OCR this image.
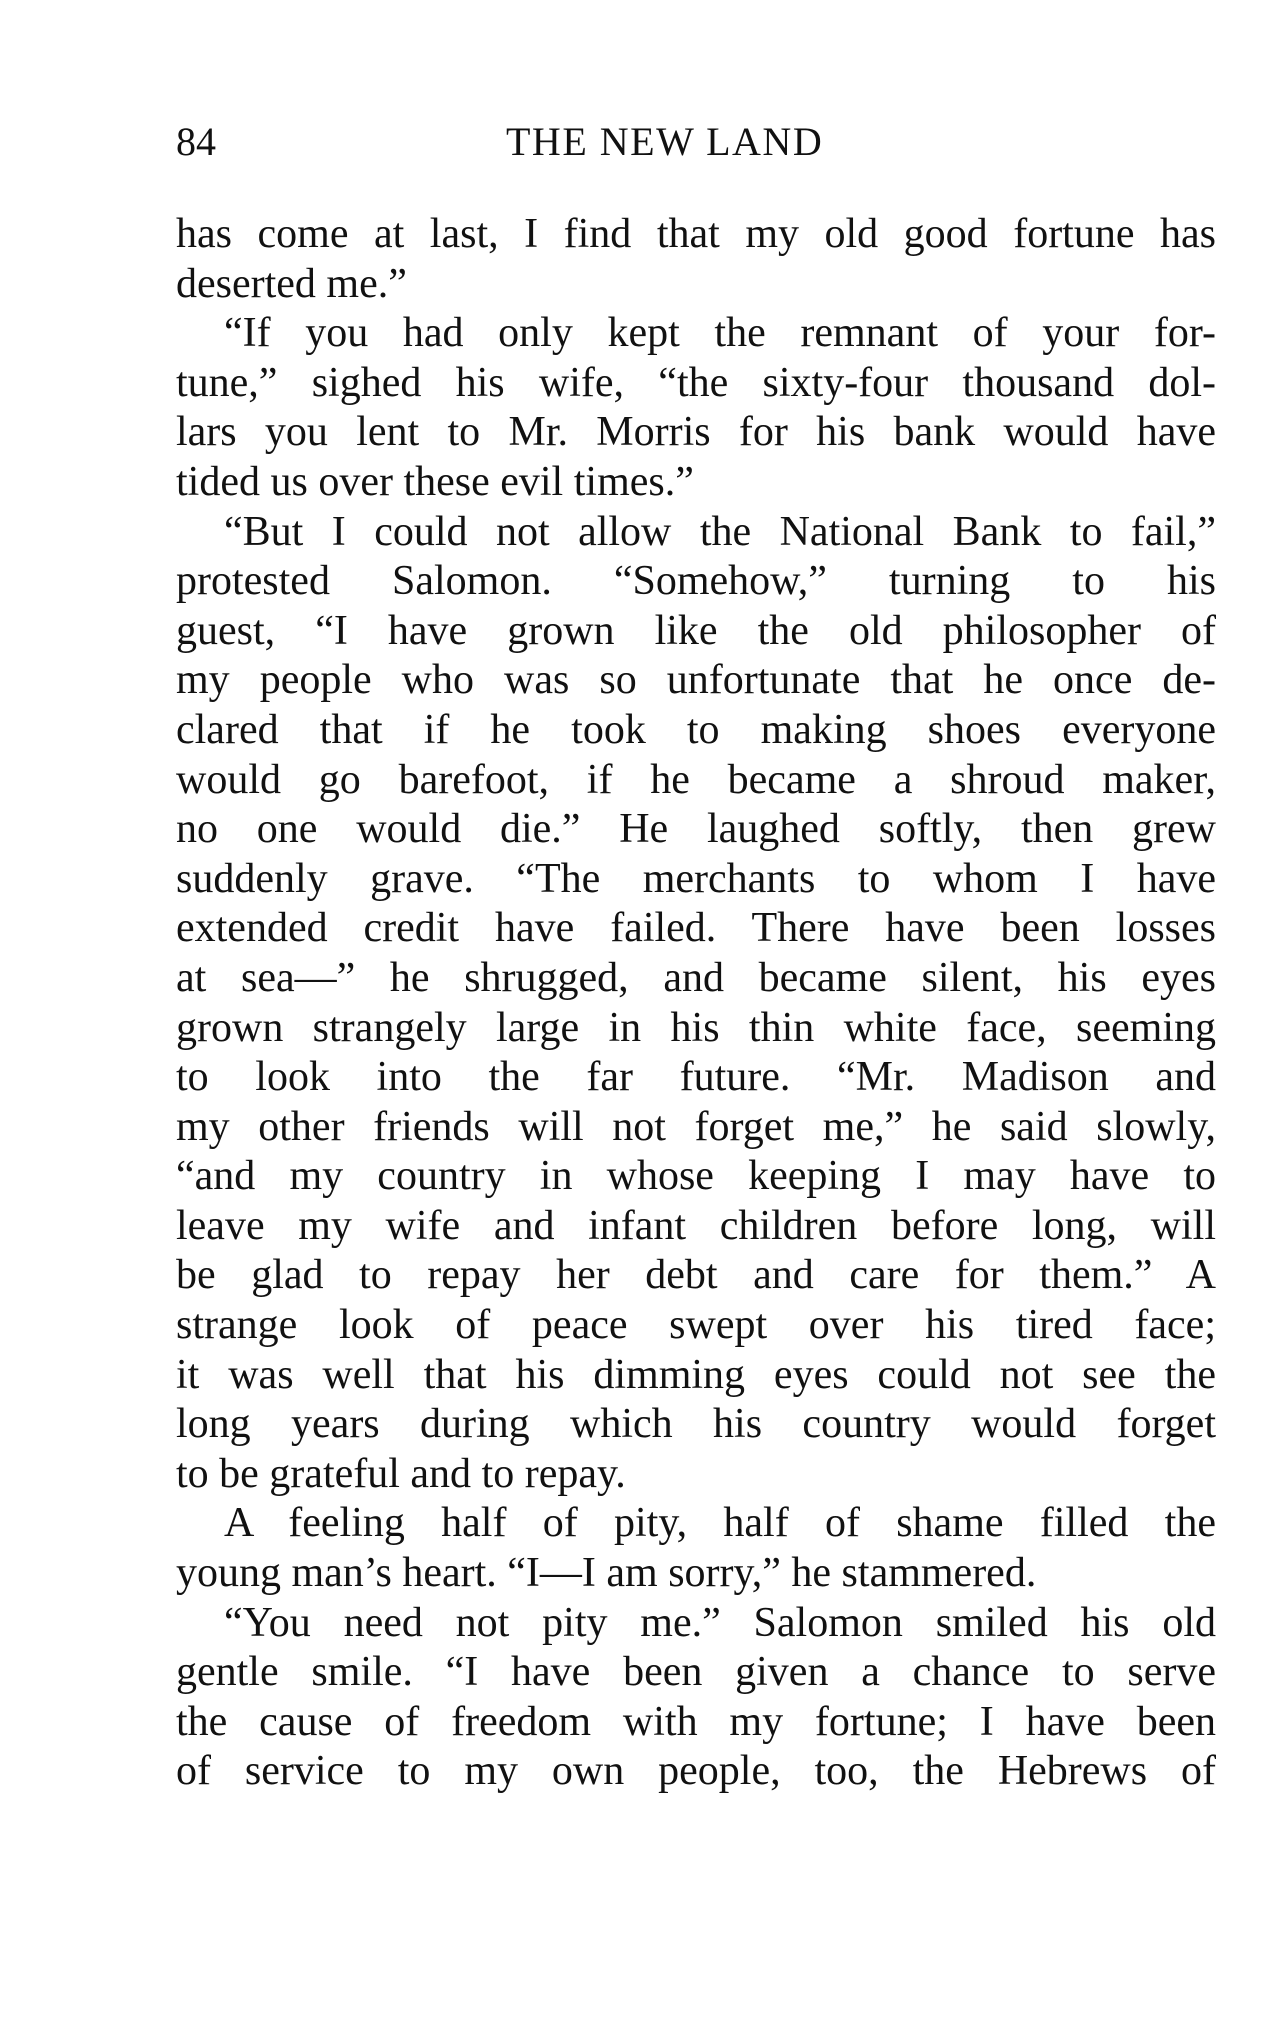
84	THE NEW LAND
has come at last, I find that my old good fortune has
deserted me.”
“If you had only kept the remnant of your for-
tune,” sighed his wife, “the sixty-four thousand dol-
lars you lent to Mr. Morris for his bank would have
tided us over these evil times.”
“But I could not allow the National Bank to fail,”
protested Salomon. “Somehow,” turning to his
guest, “I have grown like the old philosopher of
my people who was so unfortunate that he once de-
clared that if he took to making shoes everyone
would go barefoot, if he became a shroud maker,
no one would die.” He laughed softly, then grew
suddenly grave. “The merchants to whom I have
extended credit have failed. There have been losses
at sea—” he shrugged, and became silent, his eyes
grown strangely large in his thin white face, seeming
to look into the far future. “Mr. Madison and
my other friends will not forget me,” he said slowly,
“and my country in whose keeping I may have to
leave my wife and infant children before long, will
be glad to repay her debt and care for them.” A
strange look of peace swept over his tired face;
it was well that his dimming eyes could not see the
long years during which his country would forget
to be grateful and to repay.
A feeling half of pity, half of shame filled the
young man’s heart. “I—I am sorry,” he stammered.
“You need not pity me.” Salomon smiled his old
gentle smile. “I have been given a chance to serve
the cause of freedom with my fortune; I have been
of service to my own people, too, the Hebrews of
